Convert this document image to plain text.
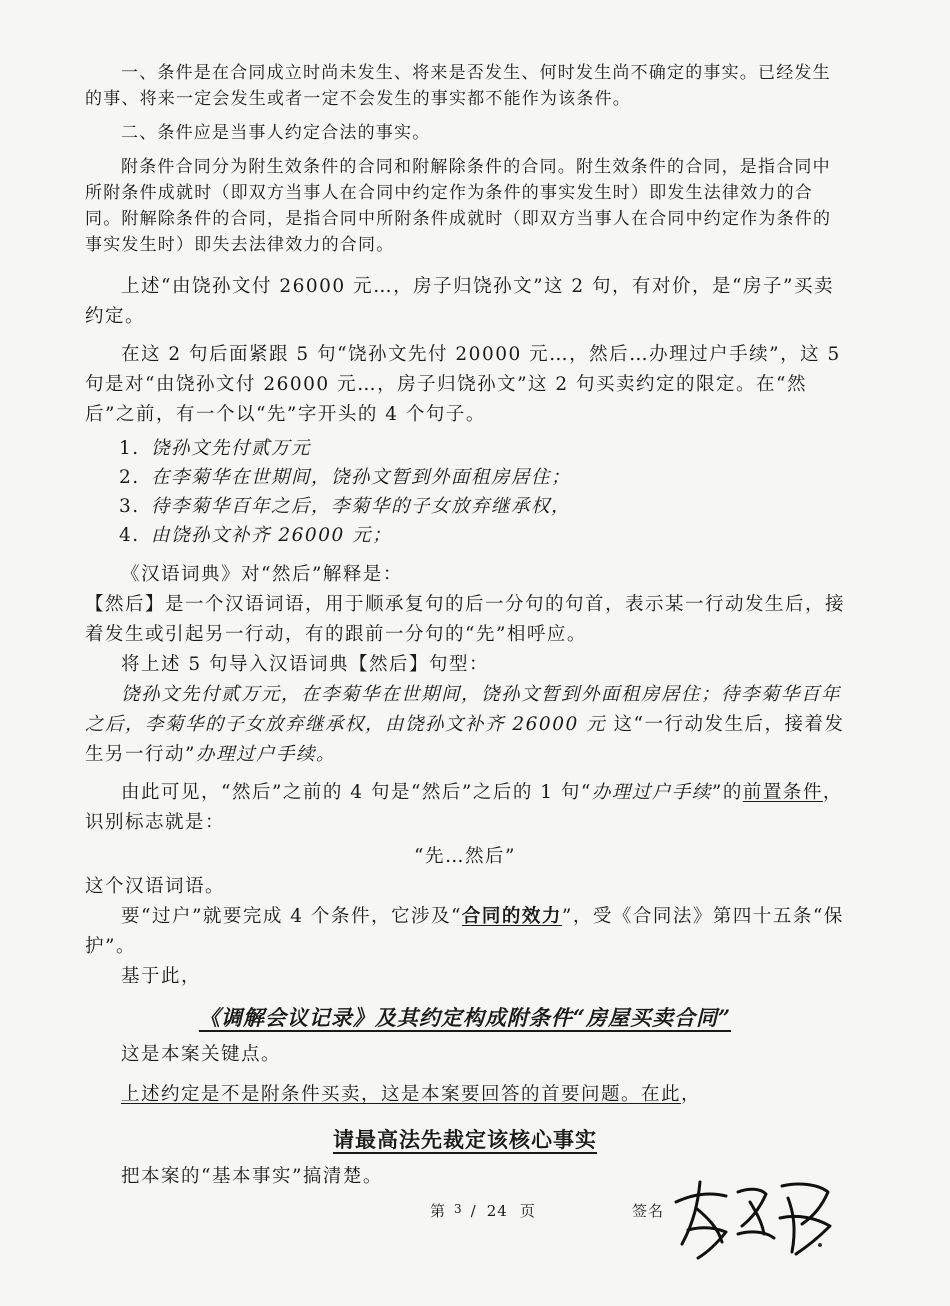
一、条件是在合同成立时尚未发生、将来是否发生、何时发生尚不确定的事实。已经发生的事、将来一定会发生或者一定不会发生的事实都不能作为该条件。

二、条件应是当事人约定合法的事实。

附条件合同分为附生效条件的合同和附解除条件的合同。附生效条件的合同，是指合同中所附条件成就时（即双方当事人在合同中约定作为条件的事实发生时）即发生法律效力的合同。附解除条件的合同，是指合同中所附条件成就时（即双方当事人在合同中约定作为条件的事实发生时）即失去法律效力的合同。

上述“由饶孙文付 26000 元…，房子归饶孙文”这 2 句，有对价，是“房子”买卖约定。

在这 2 句后面紧跟 5 句“饶孙文先付 20000 元…，然后…办理过户手续”，这 5 句是对“由饶孙文付 26000 元…，房子归饶孙文”这 2 句买卖约定的限定。在“然后”之前，有一个以“先”字开头的 4 个句子。

1. 饶孙文先付贰万元
2. 在李菊华在世期间，饶孙文暂到外面租房居住；
3. 待李菊华百年之后，李菊华的子女放弃继承权，
4. 由饶孙文补齐 26000 元；

《汉语词典》对“然后”解释是：

【然后】是一个汉语词语，用于顺承复句的后一分句的句首，表示某一行动发生后，接着发生或引起另一行动，有的跟前一分句的“先”相呼应。

将上述 5 句导入汉语词典【然后】句型：

饶孙文先付贰万元，在李菊华在世期间，饶孙文暂到外面租房居住；待李菊华百年之后，李菊华的子女放弃继承权，由饶孙文补齐 26000 元 这“一行动发生后，接着发生另一行动”办理过户手续。

由此可见，“然后”之前的 4 句是“然后”之后的 1 句“办理过户手续”的前置条件，识别标志就是：

“先…然后”

这个汉语词语。

要“过户”就要完成 4 个条件，它涉及“合同的效力”，受《合同法》第四十五条“保护”。

基于此，

《调解会议记录》及其约定构成附条件“房屋买卖合同”

这是本案关键点。

上述约定是不是附条件买卖，这是本案要回答的首要问题。在此，

请最高法先裁定该核心事实

把本案的“基本事实”搞清楚。

第 $^3$ / 24 页	签名
